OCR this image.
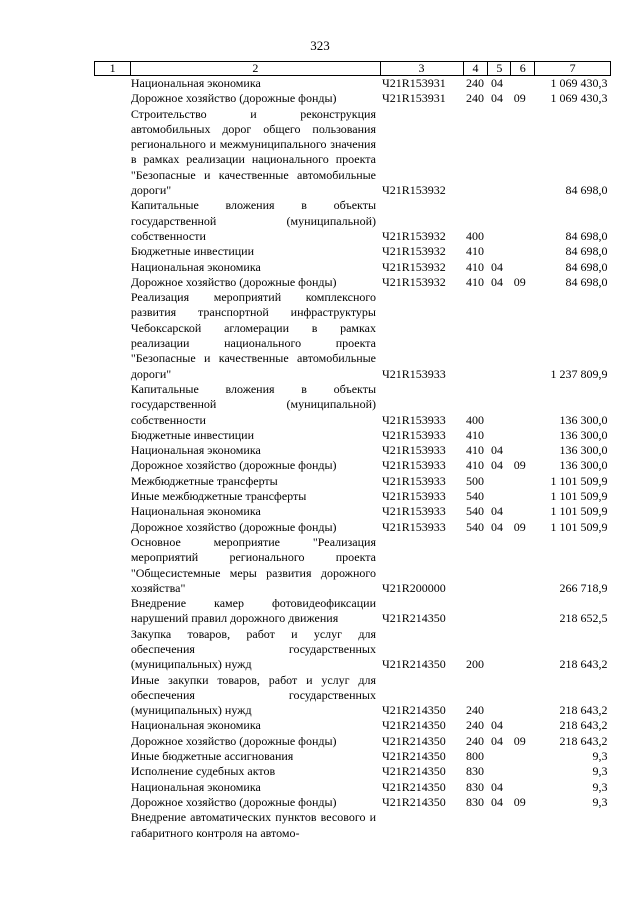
323
1	2	3	4	5	6	7
	Национальная экономика	Ч21R153931	240	04		1 069 430,3
	Дорожное хозяйство (дорожные фонды)	Ч21R153931	240	04	09	1 069 430,3
	Строительство и реконструкция автомобильных дорог общего пользования регионального и межмуниципального значения в рамках реализации национального проекта "Безопасные и качественные автомобильные дороги"	Ч21R153932				84 698,0
	Капитальные вложения в объекты государственной (муниципальной) собственности	Ч21R153932	400			84 698,0
	Бюджетные инвестиции	Ч21R153932	410			84 698,0
	Национальная экономика	Ч21R153932	410	04		84 698,0
	Дорожное хозяйство (дорожные фонды)	Ч21R153932	410	04	09	84 698,0
	Реализация мероприятий комплексного развития транспортной инфраструктуры Чебоксарской агломерации в рамках реализации национального проекта "Безопасные и качественные автомобильные дороги"	Ч21R153933				1 237 809,9
	Капитальные вложения в объекты государственной (муниципальной) собственности	Ч21R153933	400			136 300,0
	Бюджетные инвестиции	Ч21R153933	410			136 300,0
	Национальная экономика	Ч21R153933	410	04		136 300,0
	Дорожное хозяйство (дорожные фонды)	Ч21R153933	410	04	09	136 300,0
	Межбюджетные трансферты	Ч21R153933	500			1 101 509,9
	Иные межбюджетные трансферты	Ч21R153933	540			1 101 509,9
	Национальная экономика	Ч21R153933	540	04		1 101 509,9
	Дорожное хозяйство (дорожные фонды)	Ч21R153933	540	04	09	1 101 509,9
	Основное мероприятие "Реализация мероприятий регионального проекта "Общесистемные меры развития дорожного хозяйства"	Ч21R200000				266 718,9
	Внедрение камер фотовидеофиксации нарушений правил дорожного движения	Ч21R214350				218 652,5
	Закупка товаров, работ и услуг для обеспечения государственных (муниципальных) нужд	Ч21R214350	200			218 643,2
	Иные закупки товаров, работ и услуг для обеспечения государственных (муниципальных) нужд	Ч21R214350	240			218 643,2
	Национальная экономика	Ч21R214350	240	04		218 643,2
	Дорожное хозяйство (дорожные фонды)	Ч21R214350	240	04	09	218 643,2
	Иные бюджетные ассигнования	Ч21R214350	800			9,3
	Исполнение судебных актов	Ч21R214350	830			9,3
	Национальная экономика	Ч21R214350	830	04		9,3
	Дорожное хозяйство (дорожные фонды)	Ч21R214350	830	04	09	9,3
	Внедрение автоматических пунктов весового и габаритного контроля на автомо-					
